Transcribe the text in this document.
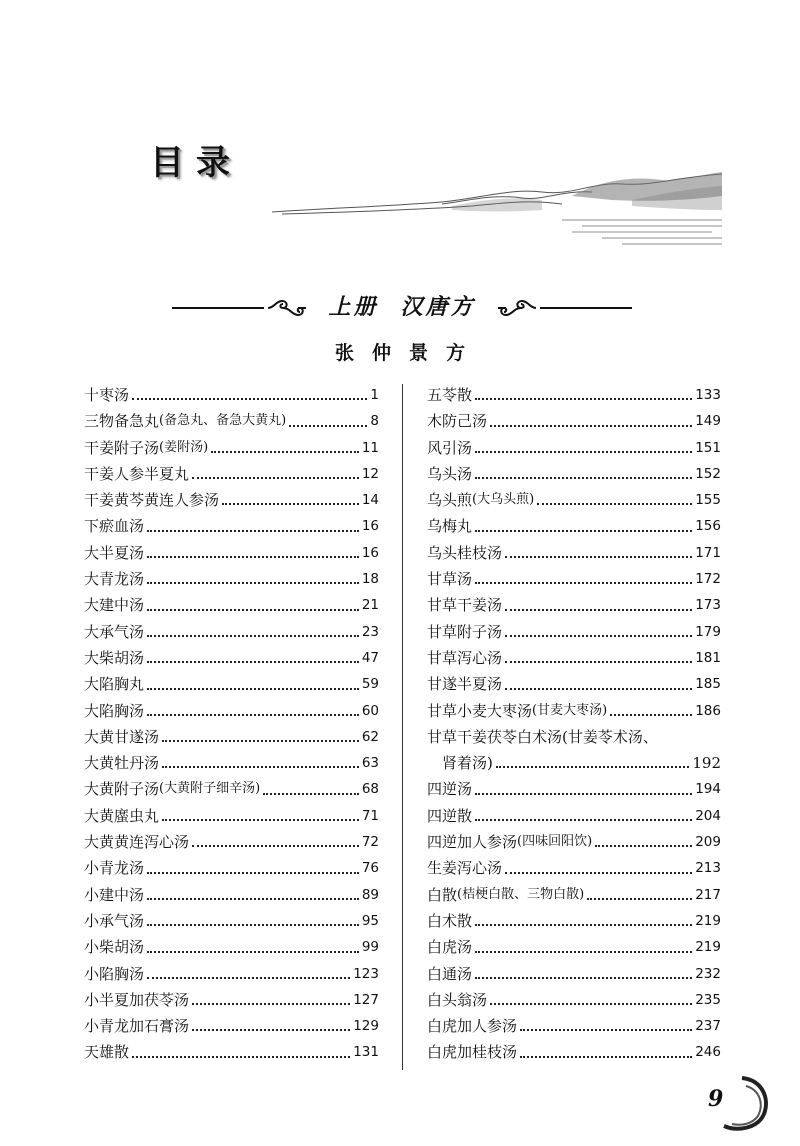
目录
上册 汉唐方
张仲景方
十枣汤	1
三物备急丸 (备急丸、备急大黄丸)	8
干姜附子汤 (姜附汤)	11
干姜人参半夏丸	12
干姜黄芩黄连人参汤	14
下瘀血汤	16
大半夏汤	16
大青龙汤	18
大建中汤	21
大承气汤	23
大柴胡汤	47
大陷胸丸	59
大陷胸汤	60
大黄甘遂汤	62
大黄牡丹汤	63
大黄附子汤 (大黄附子细辛汤)	68
大黄䗪虫丸	71
大黄黄连泻心汤	72
小青龙汤	76
小建中汤	89
小承气汤	95
小柴胡汤	99
小陷胸汤	123
小半夏加茯苓汤	127
小青龙加石膏汤	129
天雄散	131
五苓散	133
木防己汤	149
风引汤	151
乌头汤	152
乌头煎 (大乌头煎)	155
乌梅丸	156
乌头桂枝汤	171
甘草汤	172
甘草干姜汤	173
甘草附子汤	179
甘草泻心汤	181
甘遂半夏汤	185
甘草小麦大枣汤 (甘麦大枣汤)	186
甘草干姜茯苓白术汤(甘姜苓术汤、
肾着汤)	192
四逆汤	194
四逆散	204
四逆加人参汤 (四味回阳饮)	209
生姜泻心汤	213
白散 (桔梗白散、三物白散)	217
白术散	219
白虎汤	219
白通汤	232
白头翁汤	235
白虎加人参汤	237
白虎加桂枝汤	246
9
